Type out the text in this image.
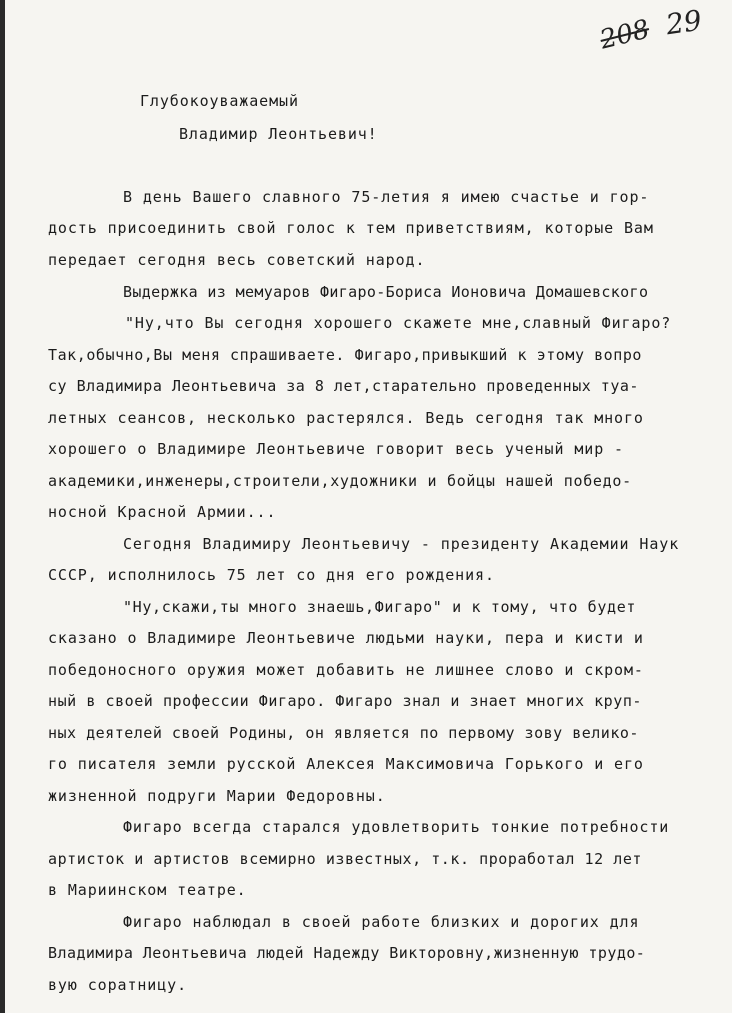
208 29
Глубокоуважаемый
Владимир Леонтьевич!
В день Вашего славного 75-летия я имею счастье и гор-
дость присоединить свой голос к тем приветствиям, которые Вам
передает сегодня весь советский народ.
Выдержка из мемуаров Фигаро-Бориса Ионовича Домашевского
"Ну,что Вы сегодня хорошего скажете мне,славный Фигаро?
Так,обычно,Вы меня спрашиваете. Фигаро,привыкший к этому вопро
су Владимира Леонтьевича за 8 лет,старательно проведенных туа-
летных сеансов, несколько растерялся. Ведь сегодня так много
хорошего о Владимире Леонтьевиче говорит весь ученый мир -
академики,инженеры,строители,художники и бойцы нашей победо-
носной Красной Армии...
Сегодня Владимиру Леонтьевичу - президенту Академии Наук
СССР, исполнилось 75 лет со дня его рождения.
"Ну,скажи,ты много знаешь,Фигаро" и к тому, что будет
сказано о Владимире Леонтьевиче людьми науки, пера и кисти и
победоносного оружия может добавить не лишнее слово и скром-
ный в своей профессии Фигаро. Фигаро знал и знает многих круп-
ных деятелей своей Родины, он является по первому зову велико-
го писателя земли русской Алексея Максимовича Горького и его
жизненной подруги Марии Федоровны.
Фигаро всегда старался удовлетворить тонкие потребности
артисток и артистов всемирно известных, т.к. проработал 12 лет
в Мариинском театре.
Фигаро наблюдал в своей работе близких и дорогих для
Владимира Леонтьевича людей Надежду Викторовну,жизненную трудо-
вую соратницу.
